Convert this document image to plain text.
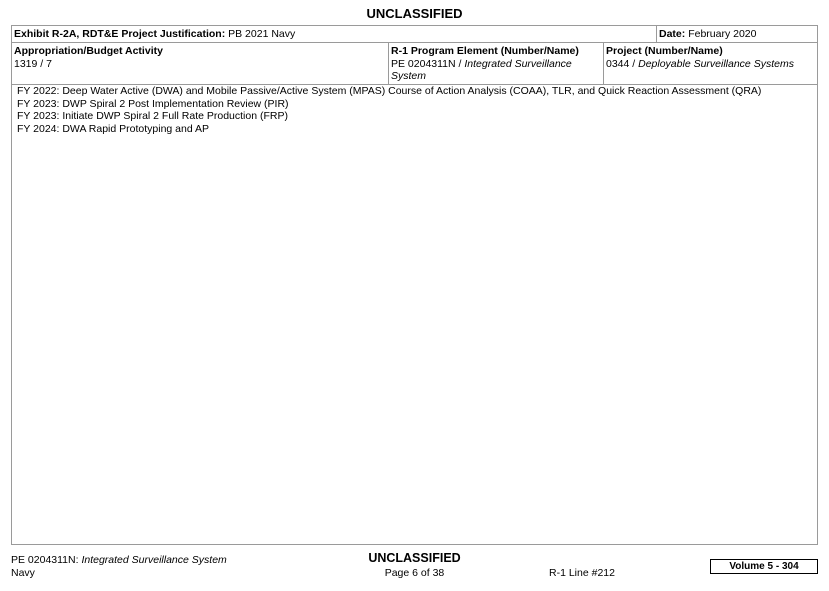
UNCLASSIFIED
Exhibit R-2A, RDT&E Project Justification: PB 2021 Navy	Date: February 2020
Appropriation/Budget Activity
1319 / 7
R-1 Program Element (Number/Name)
PE 0204311N / Integrated Surveillance
System
Project (Number/Name)
0344 / Deployable Surveillance Systems
FY 2022: Deep Water Active (DWA) and Mobile Passive/Active System (MPAS) Course of Action Analysis (COAA), TLR, and Quick Reaction Assessment (QRA)
FY 2023: DWP Spiral 2 Post Implementation Review (PIR)
FY 2023: Initiate DWP Spiral 2 Full Rate Production (FRP)
FY 2024: DWA Rapid Prototyping and AP
PE 0204311N: Integrated Surveillance System
Navy
UNCLASSIFIED
Page 6 of 38	R-1 Line #212
Volume 5 - 304
